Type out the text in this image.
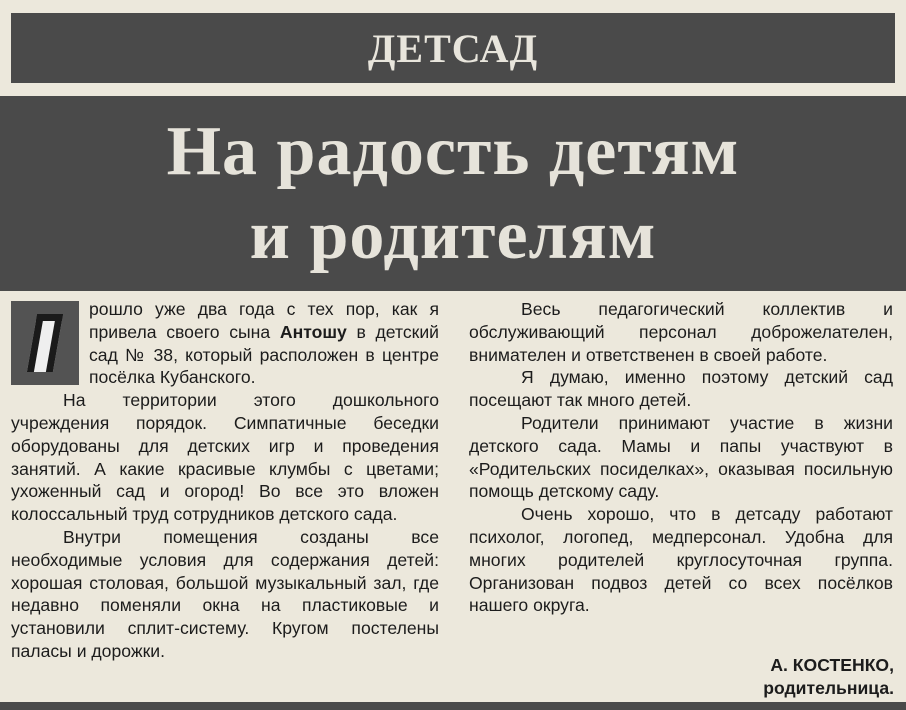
ДЕТСАД
На радость детям
и родителям

рошло уже два года с тех пор, как я привела своего сына Антошу в детский сад № 38, который расположен в центре посёлка Кубанского.

На территории этого дошкольного учреждения порядок. Симпатичные беседки оборудованы для детских игр и проведения занятий. А какие красивые клумбы с цветами; ухоженный сад и огород! Во все это вложен колоссальный труд сотрудников детского сада.

Внутри помещения созданы все необходимые условия для содержания детей: хорошая столовая, большой музыкальный зал, где недавно поменяли окна на пластиковые и установили сплит-систему. Кругом постелены паласы и дорожки.

Весь педагогический коллектив и обслуживающий персонал доброжелателен, внимателен и ответственен в своей работе.

Я думаю, именно поэтому детский сад посещают так много детей.

Родители принимают участие в жизни детского сада. Мамы и папы участвуют в «Родительских посиделках», оказывая посильную помощь детскому саду.

Очень хорошо, что в детсаду работают психолог, логопед, медперсонал. Удобна для многих родителей круглосуточная группа. Организован подвоз детей со всех посёлков нашего округа.

А. КОСТЕНКО,
родительница.
